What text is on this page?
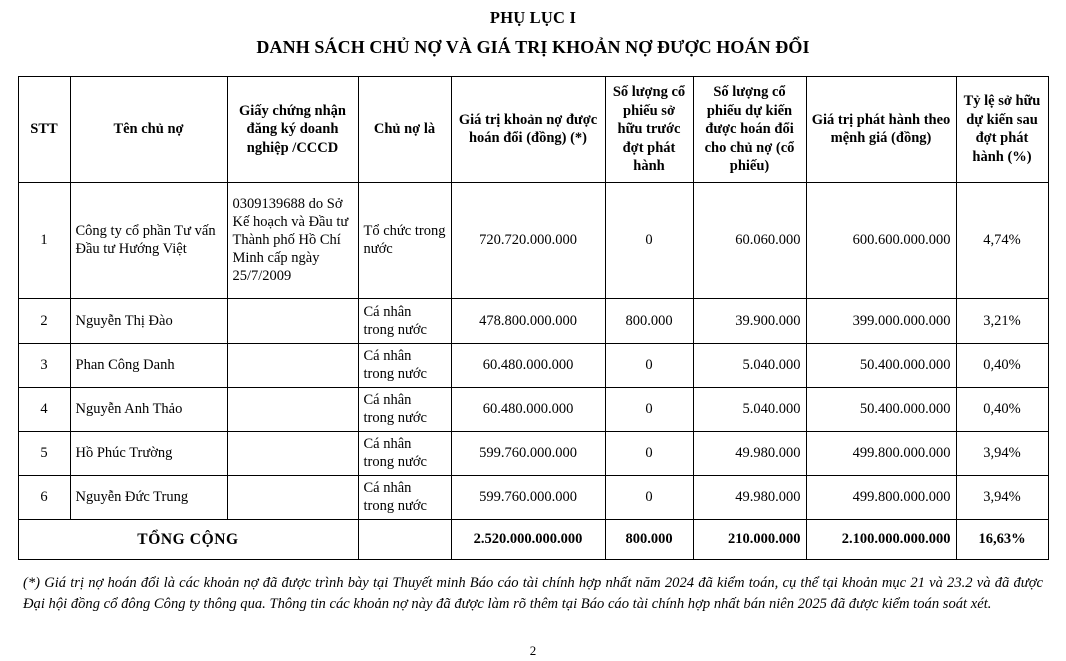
PHỤ LỤC I
DANH SÁCH CHỦ NỢ VÀ GIÁ TRỊ KHOẢN NỢ ĐƯỢC HOÁN ĐỔI
STT	Tên chủ nợ	Giấy chứng nhận đăng ký doanh nghiệp /CCCD	Chủ nợ là	Giá trị khoản nợ được hoán đổi (đồng) (*)	Số lượng cổ phiếu sở hữu trước đợt phát hành	Số lượng cổ phiếu dự kiến được hoán đổi cho chủ nợ (cổ phiếu)	Giá trị phát hành theo mệnh giá (đồng)	Tỷ lệ sở hữu dự kiến sau đợt phát hành (%)
1	Công ty cổ phần Tư vấn Đầu tư Hướng Việt	0309139688 do Sở Kế hoạch và Đầu tư Thành phố Hồ Chí Minh cấp ngày 25/7/2009	Tổ chức trong nước	720.720.000.000	0	60.060.000	600.600.000.000	4,74%
2	Nguyễn Thị Đào		Cá nhân trong nước	478.800.000.000	800.000	39.900.000	399.000.000.000	3,21%
3	Phan Công Danh		Cá nhân trong nước	60.480.000.000	0	5.040.000	50.400.000.000	0,40%
4	Nguyễn Anh Thảo		Cá nhân trong nước	60.480.000.000	0	5.040.000	50.400.000.000	0,40%
5	Hồ Phúc Trường		Cá nhân trong nước	599.760.000.000	0	49.980.000	499.800.000.000	3,94%
6	Nguyễn Đức Trung		Cá nhân trong nước	599.760.000.000	0	49.980.000	499.800.000.000	3,94%
TỔNG CỘNG				2.520.000.000.000	800.000	210.000.000	2.100.000.000.000	16,63%
(*) Giá trị nợ hoán đổi là các khoản nợ đã được trình bày tại Thuyết minh Báo cáo tài chính hợp nhất năm 2024 đã kiểm toán, cụ thể tại khoản mục 21 và 23.2 và đã được Đại hội đồng cổ đông Công ty thông qua. Thông tin các khoản nợ này đã được làm rõ thêm tại Báo cáo tài chính hợp nhất bán niên 2025 đã được kiểm toán soát xét.
2
